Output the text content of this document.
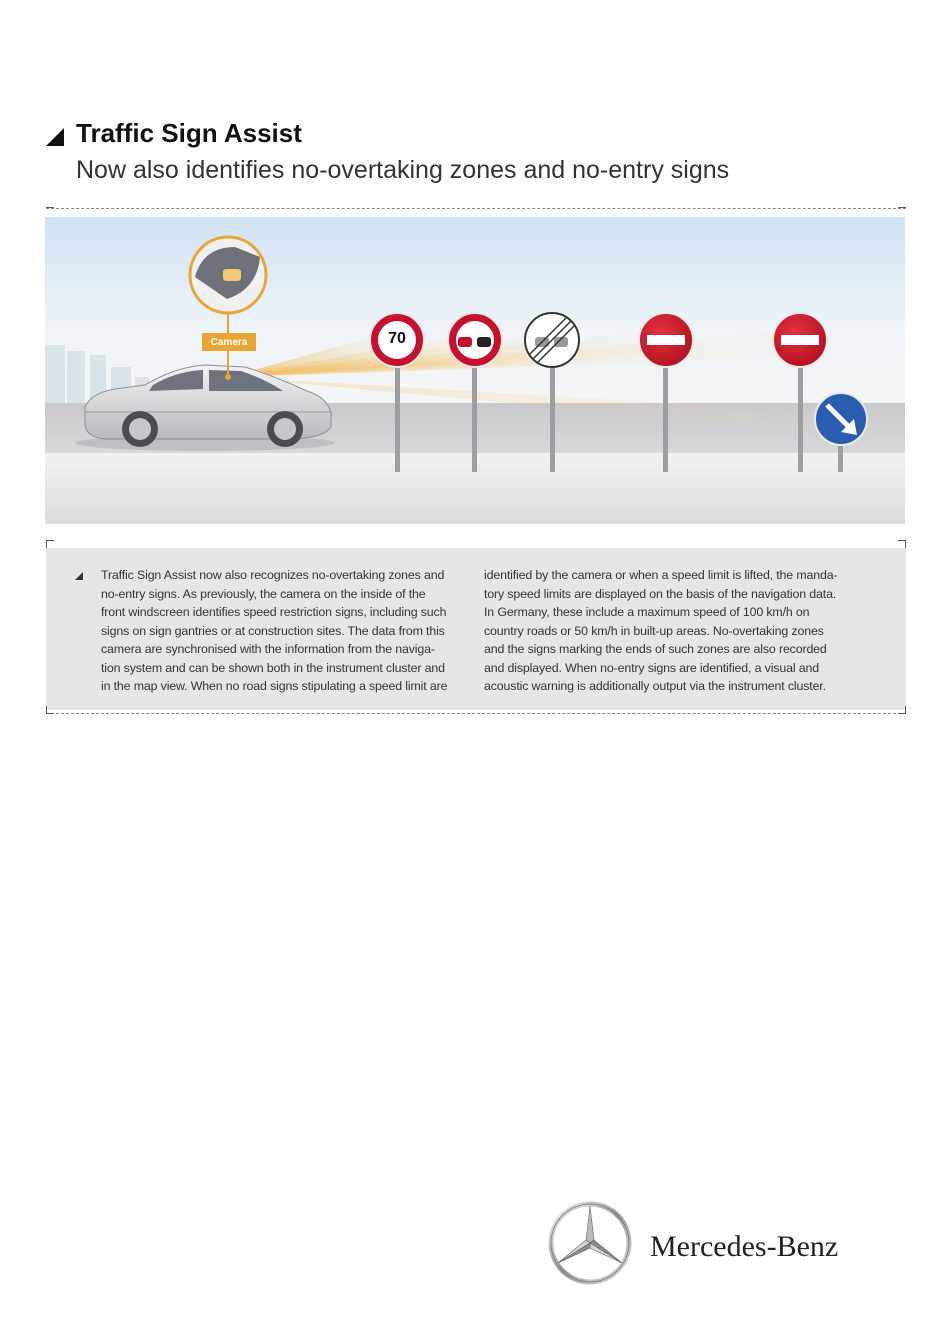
Traffic Sign Assist
Now also identifies no-overtaking zones and no-entry signs
Camera	70
Traffic Sign Assist now also recognizes no-overtaking zones and
no-entry signs. As previously, the camera on the inside of the
front windscreen identifies speed restriction signs, including such
signs on sign gantries or at construction sites. The data from this
camera are synchronised with the information from the naviga-
tion system and can be shown both in the instrument cluster and
in the map view. When no road signs stipulating a speed limit are
identified by the camera or when a speed limit is lifted, the manda-
tory speed limits are displayed on the basis of the navigation data.
In Germany, these include a maximum speed of 100 km/h on
country roads or 50 km/h in built-up areas. No-overtaking zones
and the signs marking the ends of such zones are also recorded
and displayed. When no-entry signs are identified, a visual and
acoustic warning is additionally output via the instrument cluster.
Mercedes-Benz
